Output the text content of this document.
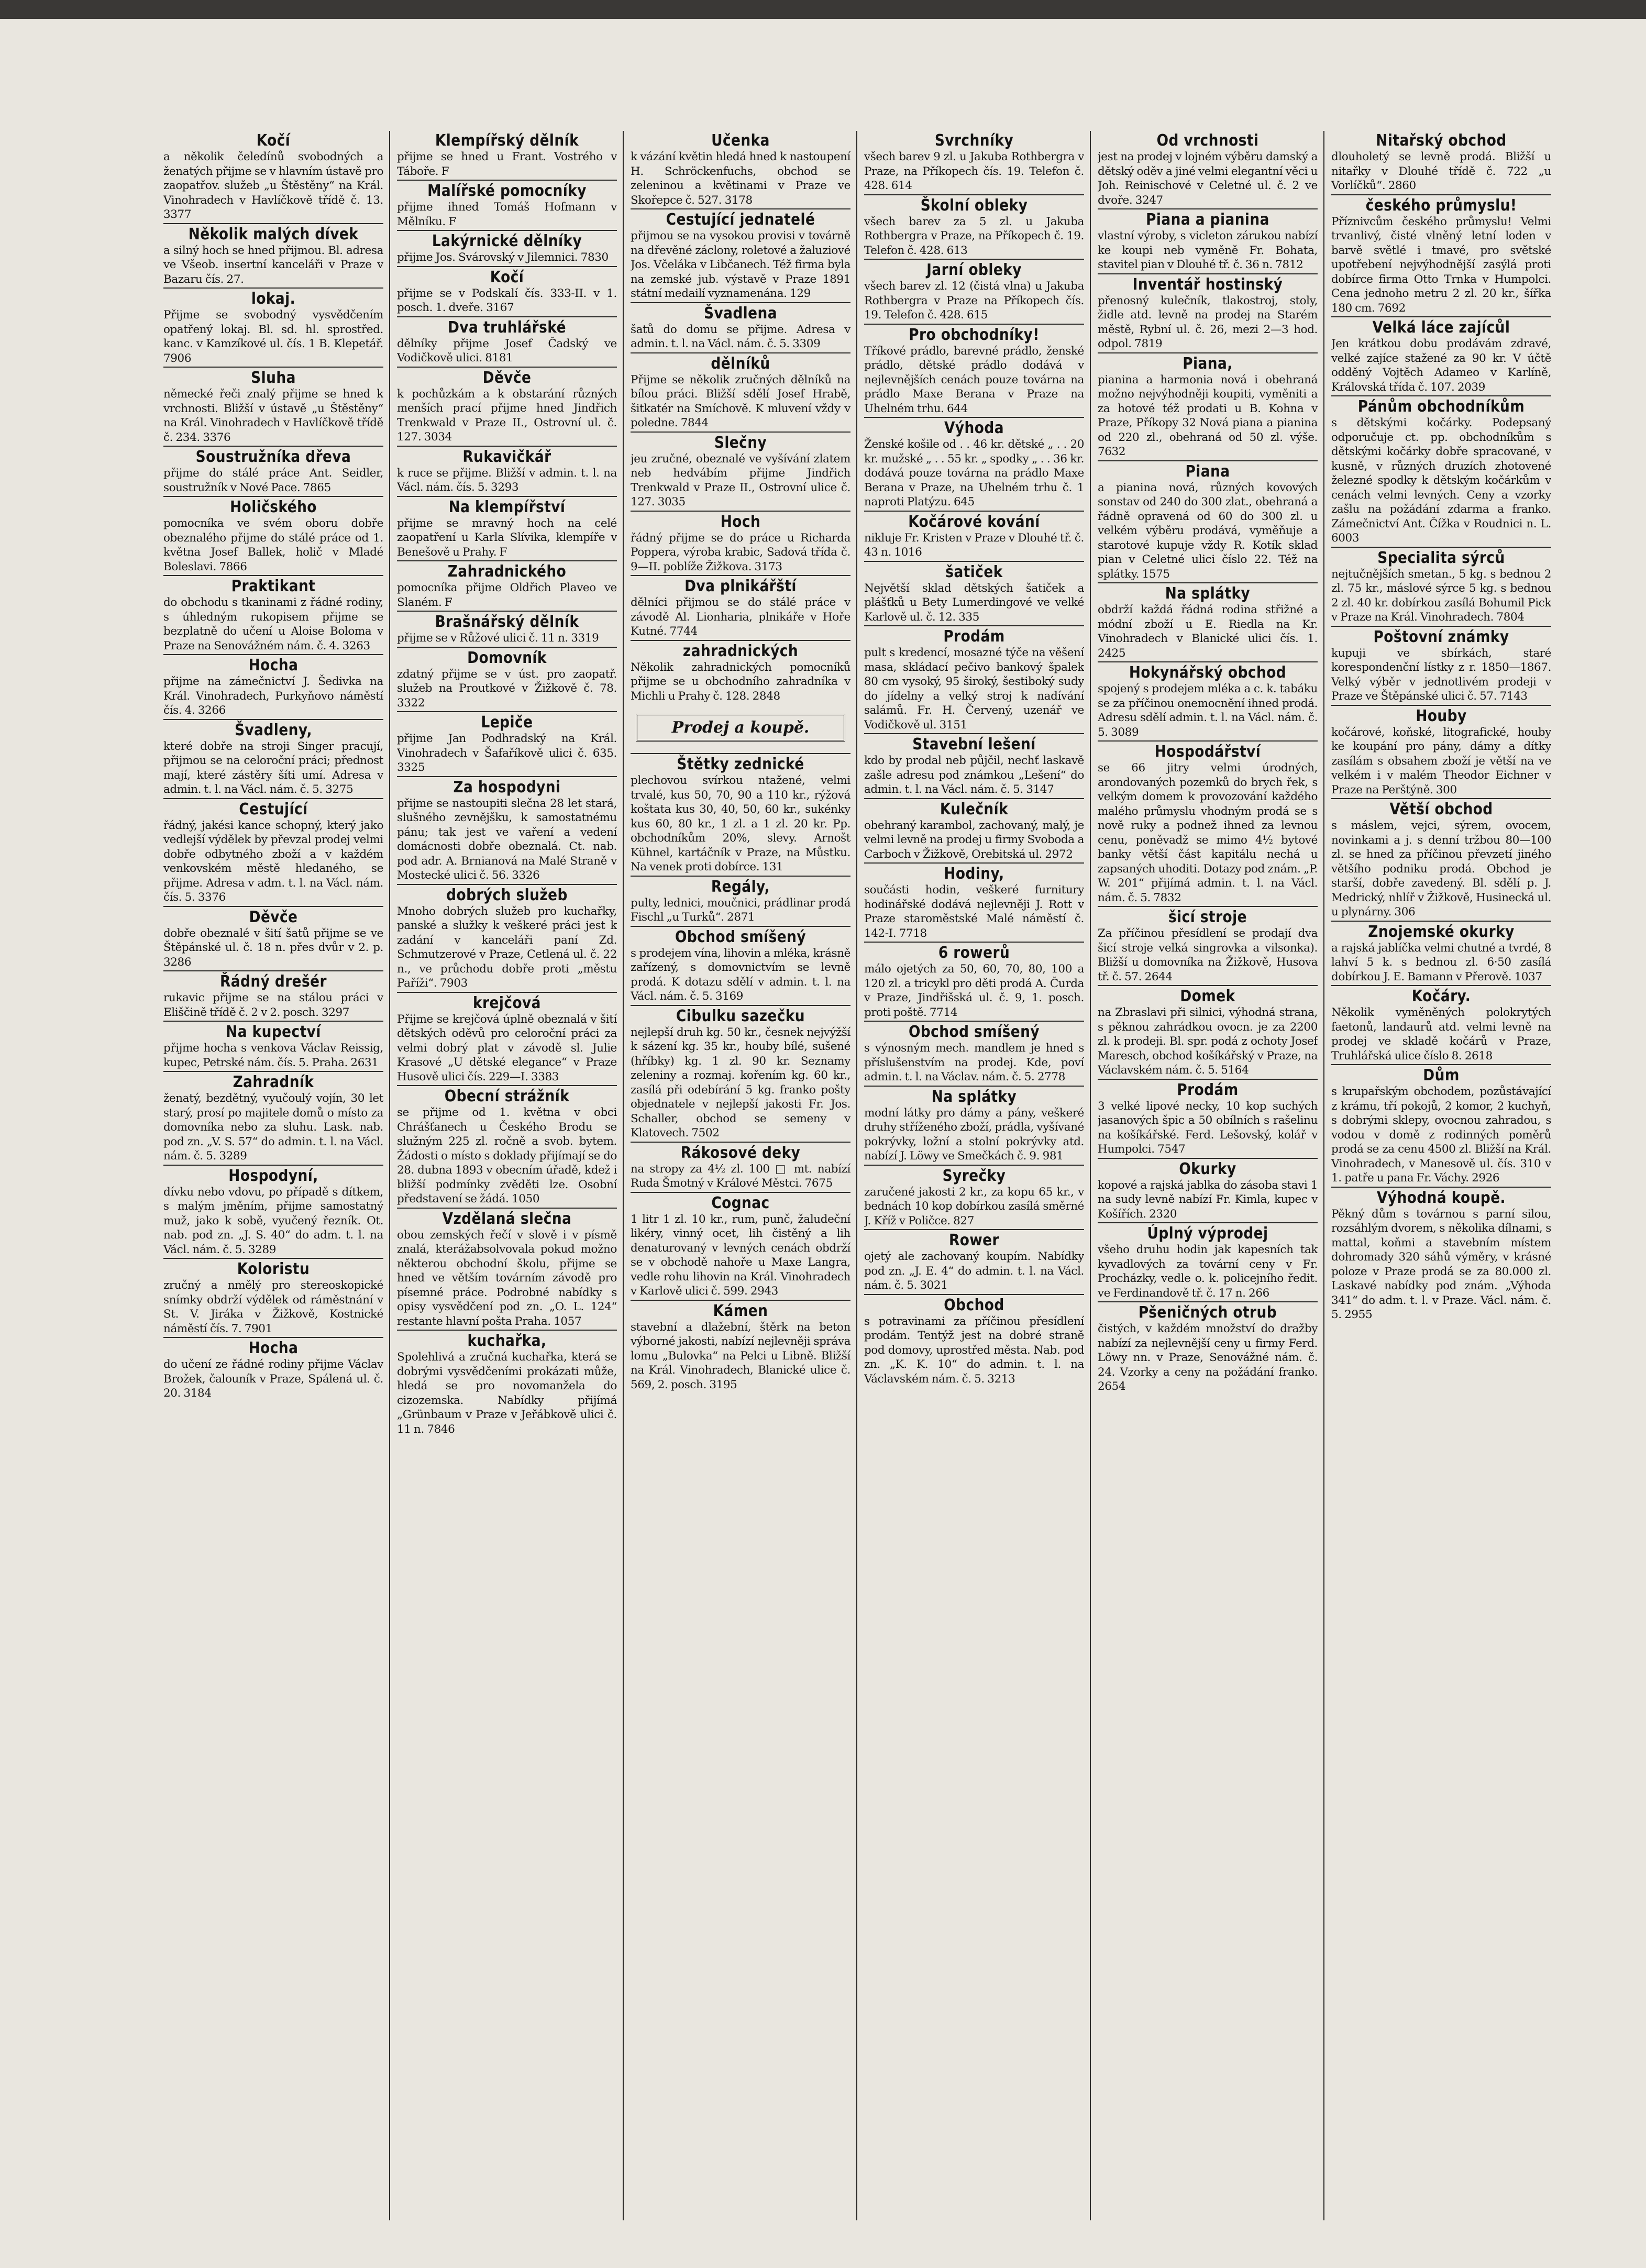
Kočí
a několik čeledínů svobodných a ženatých přijme se v hlavním ústavě pro zaopatřov. služeb „u Štěstěny“ na Král. Vinohradech v Havlíčkově třídě č. 13. 3377
Několik malých dívek
a silný hoch se hned přijmou. Bl. adresa ve Všeob. insertní kanceláři v Praze v Bazaru čís. 27.
lokaj.
Přijme se svobodný vysvědčením opatřený lokaj. Bl. sd. hl. sprostřed. kanc. v Kamzíkové ul. čís. 1 B. Klepetář. 7906
Sluha
německé řeči znalý přijme se hned k vrchnosti. Bližší v ústavě „u Štěstěny“ na Král. Vinohradech v Havlíčkově třídě č. 234. 3376
Soustružníka dřeva
přijme do stálé práce Ant. Seidler, soustružník v Nové Pace. 7865
Holičského
pomocníka ve svém oboru dobře obeznalého přijme do stálé práce od 1. května Josef Ballek, holič v Mladé Boleslavi. 7866
Praktikant
do obchodu s tkaninami z řádné rodiny, s úhledným rukopisem přijme se bezplatně do učení u Aloise Boloma v Praze na Senovážném nám. č. 4. 3263
Hocha
přijme na zámečnictví J. Šedivka na Král. Vinohradech, Purkyňovo náměstí čís. 4. 3266
Švadleny,
které dobře na stroji Singer pracují, přijmou se na celoroční práci; přednost mají, které zástěry šíti umí. Adresa v admin. t. l. na Václ. nám. č. 5. 3275
Cestující
řádný, jakési kance schopný, který jako vedlejší výdělek by převzal prodej velmi dobře odbytného zboží a v každém venkovském městě hledaného, se přijme. Adresa v adm. t. l. na Václ. nám. čís. 5. 3376
Děvče
dobře obeznalé v šití šatů přijme se ve Štěpánské ul. č. 18 n. přes dvůr v 2. p. 3286
Řádný drešér
rukavic přijme se na stálou práci v Eliščině třídě č. 2 v 2. posch. 3297
Na kupectví
přijme hocha s venkova Václav Reissig, kupec, Petrské nám. čís. 5. Praha. 2631
Zahradník
ženatý, bezdětný, vyučoulý vojín, 30 let starý, prosí po majitele domů o místo za domovníka nebo za sluhu. Lask. nab. pod zn. „V. S. 57“ do admin. t. l. na Václ. nám. č. 5. 3289
Hospodyní,
dívku nebo vdovu, po případě s dítkem, s malým jměním, přijme samostatný muž, jako k sobě, vyučený řezník. Ot. nab. pod zn. „J. S. 40“ do adm. t. l. na Václ. nám. č. 5. 3289
Koloristu
zručný a nmělý pro stereoskopické snímky obdrží výdělek od ráměstnání v St. V. Jiráka v Žižkově, Kostnické náměstí čís. 7. 7901
Hocha
do učení ze řádné rodiny přijme Václav Brožek, čalouník v Praze, Spálená ul. č. 20. 3184
Klempířský dělník
přijme se hned u Frant. Vostrého v Táboře. F
Malířské pomocníky
přijme ihned Tomáš Hofmann v Mělníku. F
Lakýrnické dělníky
přijme Jos. Svárovský v Jilemnici. 7830
Kočí
přijme se v Podskalí čís. 333-II. v 1. posch. 1. dveře. 3167
Dva truhlářské
dělníky přijme Josef Čadský ve Vodičkově ulici. 8181
Děvče
k pochůzkám a k obstarání různých menších prací přijme hned Jindřich Trenkwald v Praze II., Ostrovní ul. č. 127. 3034
Rukavičkář
k ruce se přijme. Bližší v admin. t. l. na Václ. nám. čís. 5. 3293
Na klempířství
přijme se mravný hoch na celé zaopatření u Karla Slívika, klempíře v Benešově u Prahy. F
Zahradnického
pomocníka přijme Oldřich Plaveo ve Slaném. F
Brašnářský dělník
přijme se v Růžové ulici č. 11 n. 3319
Domovník
zdatný přijme se v úst. pro zaopatř. služeb na Proutkové v Žižkově č. 78. 3322
Lepiče
přijme Jan Podhradský na Král. Vinohradech v Šafaříkově ulici č. 635. 3325
Za hospodyni
přijme se nastoupiti slečna 28 let stará, slušného zevnějšku, k samostatnému pánu; tak jest ve vaření a vedení domácnosti dobře obeznalá. Ct. nab. pod adr. A. Brnianová na Malé Straně v Mostecké ulici č. 56. 3326
dobrých služeb
Mnoho dobrých služeb pro kuchařky, panské a služky k veškeré práci jest k zadání v kanceláři paní Zd. Schmutzerové v Praze, Cetlená ul. č. 22 n., ve průchodu dobře proti „městu Paříži“. 7903
krejčová
Přijme se krejčová úplně obeznalá v šití dětských oděvů pro celoroční práci za velmi dobrý plat v závodě sl. Julie Krasové „U dětské elegance“ v Praze Husově ulici čís. 229—I. 3383
Obecní strážník
se přijme od 1. května v obci Chrášťanech u Českého Brodu se služným 225 zl. ročně a svob. bytem. Žádosti o místo s doklady přijímají se do 28. dubna 1893 v obecním úřadě, kdež i bližší podmínky zvěděti lze. Osobní představení se žádá. 1050
Vzdělaná slečna
obou zemských řečí v slově i v písmě znalá, kterážabsolvovala pokud možno některou obchodní školu, přijme se hned ve větším továrním závodě pro písemné práce. Podrobné nabídky s opisy vysvědčení pod zn. „O. L. 124“ restante hlavní pošta Praha. 1057
kuchařka,
Spolehlivá a zručná kuchařka, která se dobrými vysvědčeními prokázati může, hledá se pro novomanžela do cizozemska. Nabídky přijímá „Grünbaum v Praze v Jeřábkově ulici č. 11 n. 7846
Učenka
k vázání květin hledá hned k nastoupení H. Schröckenfuchs, obchod se zeleninou a květinami v Praze ve Skořepce č. 527. 3178
Cestující jednatelé
přijmou se na vysokou provisi v továrně na dřevěné záclony, roletové a žaluziové Jos. Včeláka v Libčanech. Též firma byla na zemské jub. výstavě v Praze 1891 státní medailí vyznamenána. 129
Švadlena
šatů do domu se přijme. Adresa v admin. t. l. na Václ. nám. č. 5. 3309
dělníků
Přijme se několik zručných dělníků na bílou práci. Bližší sdělí Josef Hrabě, šitkatér na Smíchově. K mluvení vždy v poledne. 7844
Slečny
jeu zručné, obeznalé ve vyšívání zlatem neb hedvábím přijme Jindřich Trenkwald v Praze II., Ostrovní ulice č. 127. 3035
Hoch
řádný přijme se do práce u Richarda Poppera, výroba krabic, Sadová třída č. 9—II. poblíže Žižkova. 3173
Dva plnikářští
dělníci přijmou se do stálé práce v závodě Al. Lionharia, plnikáře v Hoře Kutné. 7744
zahradnických
Několik zahradnických pomocníků přijme se u obchodního zahradníka v Michli u Prahy č. 128. 2848
Prodej a koupě.
Štětky zednické
plechovou svírkou ntažené, velmi trvalé, kus 50, 70, 90 a 110 kr., rýžová koštata kus 30, 40, 50, 60 kr., sukénky kus 60, 80 kr., 1 zl. a 1 zl. 20 kr. Pp. obchodníkům 20%, slevy. Arnošt Kühnel, kartáčník v Praze, na Můstku. Na venek proti dobírce. 131
Regály,
pulty, lednici, moučnici, prádlinar prodá Fischl „u Turků“. 2871
Obchod smíšený
s prodejem vína, lihovin a mléka, krásně zařízený, s domovnictvím se levně prodá. K dotazu sdělí v admin. t. l. na Václ. nám. č. 5. 3169
Cibulku sazečku
nejlepší druh kg. 50 kr., česnek nejvýžší k sázení kg. 35 kr., houby bílé, sušené (hříbky) kg. 1 zl. 90 kr. Seznamy zeleniny a rozmaj. kořením kg. 60 kr., zasílá při odebírání 5 kg. franko pošty objednatele v nejlepší jakosti Fr. Jos. Schaller, obchod se semeny v Klatovech. 7502
Rákosové deky
na stropy za 4½ zl. 100 □ mt. nabízí Ruda Šmotný v Králové Městci. 7675
Cognac
1 litr 1 zl. 10 kr., rum, punč, žaludeční likéry, vinný ocet, lih čistěný a lih denaturovaný v levných cenách obdrží se v obchodě nahoře u Maxe Langra, vedle rohu lihovin na Král. Vinohradech v Karlově ulici č. 599. 2943
Kámen
stavební a dlažební, štěrk na beton výborné jakosti, nabízí nejlevněji správa lomu „Bulovka“ na Pelci u Libně. Bližší na Král. Vinohradech, Blanické ulice č. 569, 2. posch. 3195
Svrchníky
všech barev 9 zl. u Jakuba Rothbergra v Praze, na Příkopech čís. 19. Telefon č. 428. 614
Školní obleky
všech barev za 5 zl. u Jakuba Rothbergra v Praze, na Příkopech č. 19. Telefon č. 428. 613
Jarní obleky
všech barev zl. 12 (čistá vlna) u Jakuba Rothbergra v Praze na Příkopech čís. 19. Telefon č. 428. 615
Pro obchodníky!
Tříkové prádlo, barevné prádlo, ženské prádlo, dětské prádlo dodává v nejlevnějších cenách pouze továrna na prádlo Maxe Berana v Praze na Uhelném trhu. 644
Výhoda
Ženské košile od . . 46 kr. dětské „ . . 20 kr. mužské „ . . 55 kr. „ spodky „ . . 36 kr. dodává pouze továrna na prádlo Maxe Berana v Praze, na Uhelném trhu č. 1 naproti Platýzu. 645
Kočárové kování
nikluje Fr. Kristen v Praze v Dlouhé tř. č. 43 n. 1016
šatiček
Největší sklad dětských šatiček a plášťků u Bety Lumerdingové ve velké Karlově ul. č. 12. 335
Prodám
pult s kredencí, mosazné týče na věšení masa, skládací pečivo bankový špalek 80 cm vysoký, 95 široký, šestiboký sudy do jídelny a velký stroj k nadívání salámů. Fr. H. Červený, uzenář ve Vodičkově ul. 3151
Stavební lešení
kdo by prodal neb půjčil, nechť laskavě zašle adresu pod známkou „Lešení“ do admin. t. l. na Václ. nám. č. 5. 3147
Kulečník
obehraný karambol, zachovaný, malý, je velmi levně na prodej u firmy Svoboda a Carboch v Žižkově, Orebitská ul. 2972
Hodiny,
součásti hodin, veškeré furnitury hodinářské dodává nejlevněji J. Rott v Praze staroměstské Malé náměstí č. 142-I. 7718
6 rowerů
málo ojetých za 50, 60, 70, 80, 100 a 120 zl. a tricykl pro děti prodá A. Čurda v Praze, Jindřišská ul. č. 9, 1. posch. proti poště. 7714
Obchod smíšený
s výnosným mech. mandlem je hned s příslušenstvím na prodej. Kde, poví admin. t. l. na Václav. nám. č. 5. 2778
Na splátky
modní látky pro dámy a pány, veškeré druhy stříženého zboží, prádla, vyšívané pokrývky, ložní a stolní pokrývky atd. nabízí J. Löwy ve Smečkách č. 9. 981
Syrečky
zaručené jakosti 2 kr., za kopu 65 kr., v bednách 10 kop dobírkou zasílá směrné J. Kříž v Poličce. 827
Rower
ojetý ale zachovaný koupím. Nabídky pod zn. „J. E. 4“ do admin. t. l. na Václ. nám. č. 5. 3021
Obchod
s potravinami za příčinou přesídlení prodám. Tentýž jest na dobré straně pod domovy, uprostřed města. Nab. pod zn. „K. K. 10“ do admin. t. l. na Václavském nám. č. 5. 3213
Od vrchnosti
jest na prodej v lojném výběru damský a dětský oděv a jiné velmi elegantní věci u Joh. Reinischové v Celetné ul. č. 2 ve dvoře. 3247
Piana a pianina
vlastní výroby, s vicleton zárukou nabízí ke koupi neb vyměně Fr. Bohata, stavitel pian v Dlouhé tř. č. 36 n. 7812
Inventář hostinský
přenosný kulečník, tlakostroj, stoly, židle atd. levně na prodej na Starém městě, Rybní ul. č. 26, mezi 2—3 hod. odpol. 7819
Piana,
pianina a harmonia nová i obehraná možno nejvýhodněji koupiti, vyměniti a za hotové též prodati u B. Kohna v Praze, Příkopy 32 Nová piana a pianina od 220 zl., obehraná od 50 zl. výše. 7632
Piana
a pianina nová, různých kovových sonstav od 240 do 300 zlat., obehraná a řádně opravená od 60 do 300 zl. u velkém výběru prodává, vyměňuje a starotové kupuje vždy R. Kotík sklad pian v Celetné ulici číslo 22. Též na splátky. 1575
Na splátky
obdrží každá řádná rodina střižné a módní zboží u E. Riedla na Kr. Vinohradech v Blanické ulici čís. 1. 2425
Hokynářský obchod
spojený s prodejem mléka a c. k. tabáku se za příčinou onemocnění ihned prodá. Adresu sdělí admin. t. l. na Václ. nám. č. 5. 3089
Hospodářství
se 66 jitry velmi úrodných, arondovaných pozemků do brych řek, s velkým domem k provozování každého malého průmyslu vhodným prodá se s nově ruky a podnež ihned za levnou cenu, poněvadž se mimo 4½ bytové banky větší část kapitálu nechá u zapsaných uhoditi. Dotazy pod znám. „P. W. 201“ přijímá admin. t. l. na Václ. nám. č. 5. 7832
šicí stroje
Za příčinou přesídlení se prodají dva šicí stroje velká singrovka a vilsonka). Bližší u domovníka na Žižkově, Husova tř. č. 57. 2644
Domek
na Zbraslavi při silnici, výhodná strana, s pěknou zahrádkou ovocn. je za 2200 zl. k prodeji. Bl. spr. podá z ochoty Josef Maresch, obchod košíkářský v Praze, na Václavském nám. č. 5. 5164
Prodám
3 velké lipové necky, 10 kop suchých jasanových špic a 50 obílních s rašelinu na košíkářské. Ferd. Lešovský, kolář v Humpolci. 7547
Okurky
kopové a rajská jablka do zásoba stavi 1 na sudy levně nabízí Fr. Kimla, kupec v Košířích. 2320
Úplný výprodej
všeho druhu hodin jak kapesních tak kyvadlových za tovární ceny v Fr. Procházky, vedle o. k. policejního ředit. ve Ferdinandově tř. č. 17 n. 266
Pšeničných otrub
čistých, v každém množství do dražby nabízí za nejlevnější ceny u firmy Ferd. Löwy nn. v Praze, Senovážné nám. č. 24. Vzorky a ceny na požádání franko. 2654
Nitařský obchod
dlouholetý se levně prodá. Bližší u nitařky v Dlouhé třídě č. 722 „u Vorlíčků“. 2860
českého průmyslu!
Příznivcům českého průmyslu! Velmi trvanlivý, čisté vlněný letní loden v barvě světlé i tmavé, pro světské upotřebení nejvýhodnější zasýlá proti dobírce firma Otto Trnka v Humpolci. Cena jednoho metru 2 zl. 20 kr., šířka 180 cm. 7692
Velká láce zajícůl
Jen krátkou dobu prodávám zdravé, velké zajíce stažené za 90 kr. V účtě odděný Vojtěch Adameo v Karlíně, Královská třída č. 107. 2039
Pánům obchodníkům
s dětskými kočárky. Podepsaný odporučuje ct. pp. obchodníkům s dětskými kočárky dobře spracované, v kusně, v různých druzích zhotovené železné spodky k dětským kočárkům v cenách velmi levných. Ceny a vzorky zašlu na požádání zdarma a franko. Zámečnictví Ant. Čížka v Roudnici n. L. 6003
Specialita sýrců
nejtučnějších smetan., 5 kg. s bednou 2 zl. 75 kr., máslové sýrce 5 kg. s bednou 2 zl. 40 kr. dobírkou zasílá Bohumil Pick v Praze na Král. Vinohradech. 7804
Poštovní známky
kupuji ve sbírkách, staré korespondenční lístky z r. 1850—1867. Velký výběr v jednotlivém prodeji v Praze ve Štěpánské ulici č. 57. 7143
Houby
kočárové, koňské, litografické, houby ke koupání pro pány, dámy a dítky zasílám s obsahem zboží je větší na ve velkém i v malém Theodor Eichner v Praze na Perštýně. 300
Větší obchod
s máslem, vejci, sýrem, ovocem, novinkami a j. s denní tržbou 80—100 zl. se hned za příčinou převzetí jiného většího podniku prodá. Obchod je starší, dobře zavedený. Bl. sdělí p. J. Medrický, nhlíř v Žižkově, Husinecká ul. u plynárny. 306
Znojemské okurky
a rajská jablíčka velmi chutné a tvrdé, 8 lahví 5 k. s bednou zl. 6·50 zasílá dobírkou J. E. Bamann v Přerově. 1037
Kočáry.
Několik vyměněných polokrytých faetonů, landaurů atd. velmi levně na prodej ve skladě kočárů v Praze, Truhlářská ulice číslo 8. 2618
Dům
s krupařským obchodem, pozůstávající z krámu, tří pokojů, 2 komor, 2 kuchyň, s dobrými sklepy, ovocnou zahradou, s vodou v domě z rodinných poměrů prodá se za cenu 4500 zl. Bližší na Král. Vinohradech, v Manesově ul. čís. 310 v 1. patře u pana Fr. Váchy. 2926
Výhodná koupě.
Pěkný dům s továrnou s parní silou, rozsáhlým dvorem, s několika dílnami, s mattal, koňmi a stavebním místem dohromady 320 sáhů výměry, v krásné poloze v Praze prodá se za 80.000 zl. Laskavé nabídky pod znám. „Výhoda 341“ do adm. t. l. v Praze. Václ. nám. č. 5. 2955
